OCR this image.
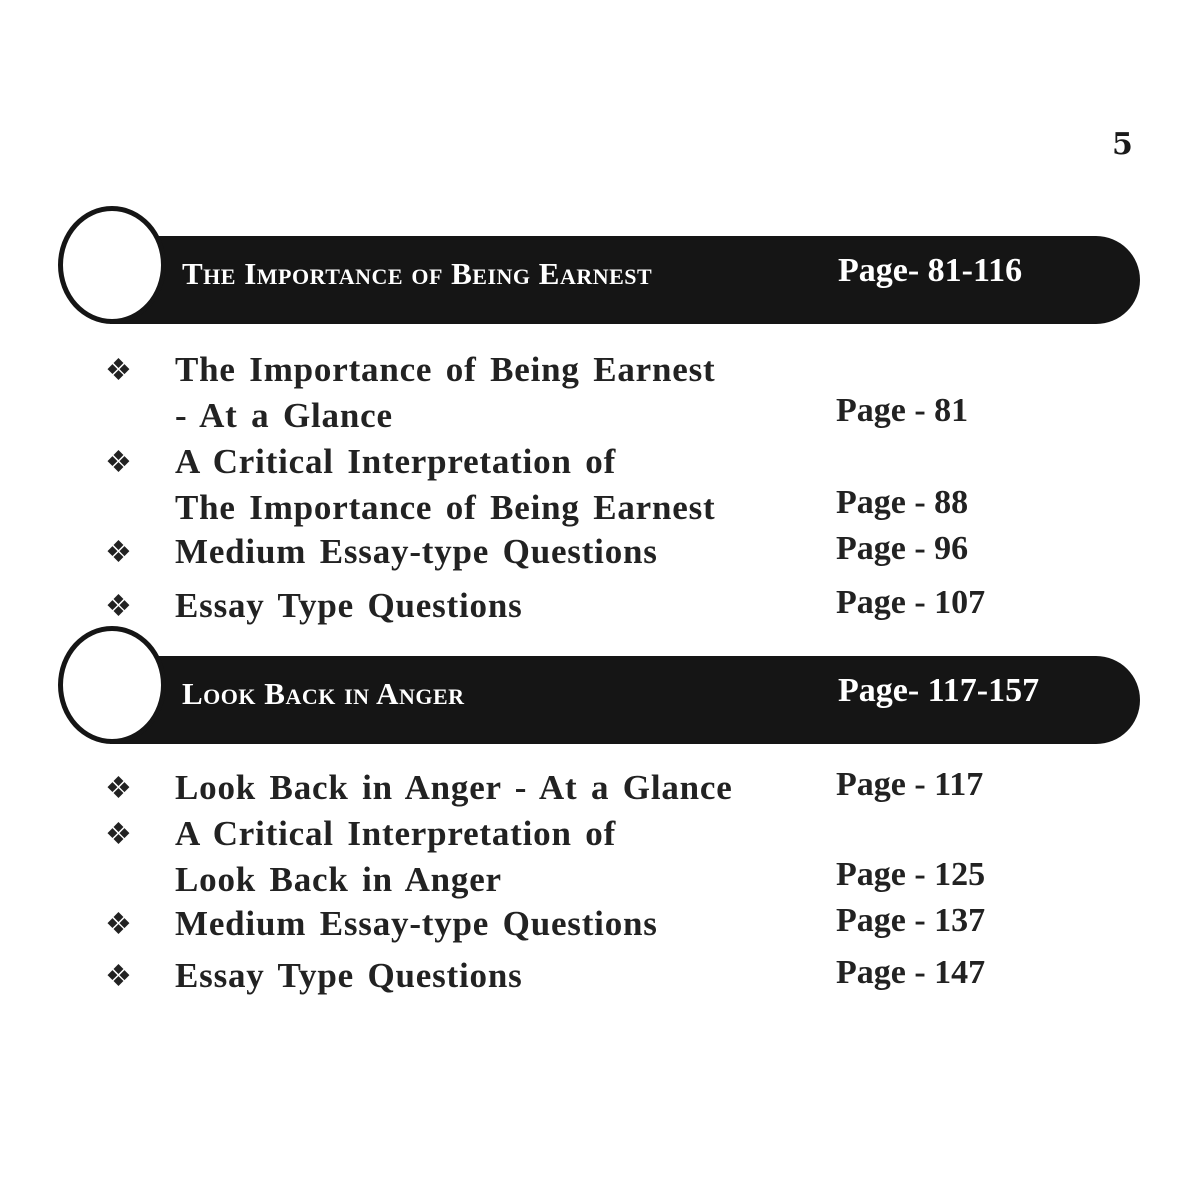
5
The Importance of Being Earnest	Page- 81-116
❖	The Importance of Being Earnest
- At a Glance	Page - 81
❖	A Critical Interpretation of
The Importance of Being Earnest	Page - 88
❖	Medium Essay-type Questions	Page - 96
❖	Essay Type Questions	Page - 107
Look Back in Anger	Page- 117-157
❖	Look Back in Anger - At a Glance	Page - 117
❖	A Critical Interpretation of
Look Back in Anger	Page - 125
❖	Medium Essay-type Questions	Page - 137
❖	Essay Type Questions	Page - 147
